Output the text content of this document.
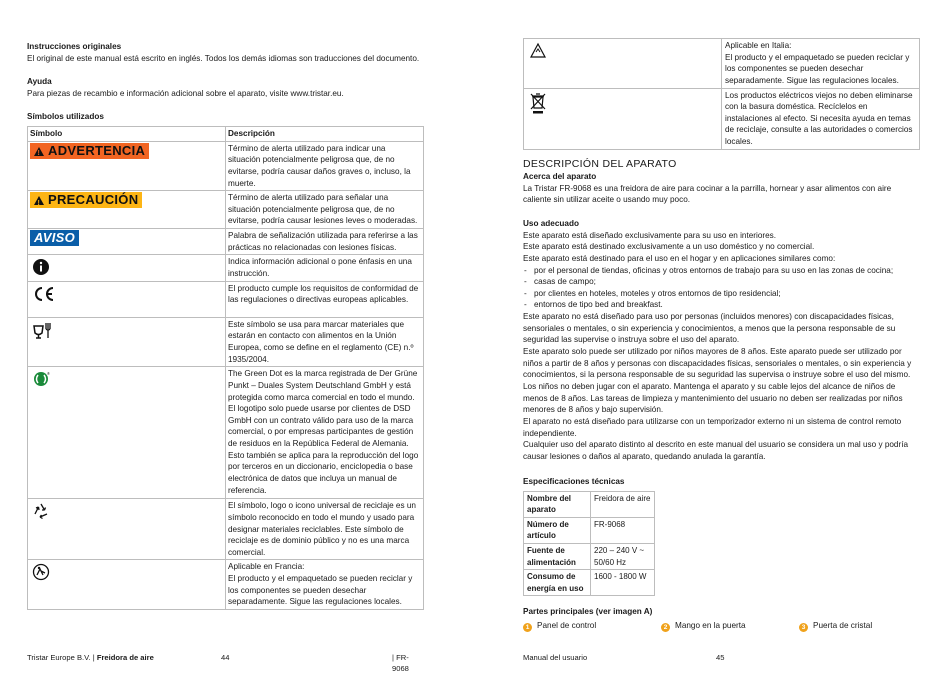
Instrucciones originales

El original de este manual está escrito en inglés. Todos los demás idiomas son traducciones del documento.

Ayuda

Para piezas de recambio e información adicional sobre el aparato, visite www.tristar.eu.

Símbolos utilizados

Símbolo	Descripción
!ADVERTENCIA	Término de alerta utilizado para indicar una situación potencialmente peligrosa que, de no evitarse, podría causar daños graves o, incluso, la muerte.
!PRECAUCIÓN	Término de alerta utilizado para señalar una situación potencialmente peligrosa que, de no evitarse, podría causar lesiones leves o moderadas.
AVISO	Palabra de señalización utilizada para referirse a las prácticas no relacionadas con lesiones físicas.

	Indica información adicional o pone énfasis en una instrucción.

	El producto cumple los requisitos de conformidad de las regulaciones o directivas europeas aplicables.

	Este símbolo se usa para marcar materiales que estarán en contacto con alimentos en la Unión Europea, como se define en el reglamento (CE) n.º 1935/2004.

®	The Green Dot es la marca registrada de Der Grüne Punkt – Duales System Deutschland GmbH y está protegida como marca comercial en todo el mundo. El logotipo solo puede usarse por clientes de DSD GmbH con un contrato válido para uso de la marca comercial, o por empresas participantes de gestión de residuos en la República Federal de Alemania. Esto también se aplica para la reproducción del logo por terceros en un diccionario, enciclopedia o base electrónica de datos que incluya un manual de referencia.

	El símbolo, logo o icono universal de reciclaje es un símbolo reconocido en todo el mundo y usado para designar materiales reciclables. Este símbolo de reciclaje es de dominio público y no es una marca comercial.

	Aplicable en Francia:
El producto y el empaquetado se pueden reciclar y los componentes se pueden desechar separadamente. Sigue las regulaciones locales.
Tristar Europe B.V. | Freidora de aire	44	| FR-9068
	Aplicable en Italia:
El producto y el empaquetado se pueden reciclar y los componentes se pueden desechar separadamente. Sigue las regulaciones locales.

	Los productos eléctricos viejos no deben eliminarse con la basura doméstica. Recíclelos en instalaciones al efecto. Si necesita ayuda en temas de reciclaje, consulte a las autoridades o comercios locales.

DESCRIPCIÓN DEL APARATO

Acerca del aparato

La Tristar FR-9068 es una freidora de aire para cocinar a la parrilla, hornear y asar alimentos con aire caliente sin utilizar aceite o usando muy poco.

Uso adecuado

Este aparato está diseñado exclusivamente para su uso en interiores.

Este aparato está destinado exclusivamente a un uso doméstico y no comercial.

Este aparato está destinado para el uso en el hogar y en aplicaciones similares como:

- por el personal de tiendas, oficinas y otros entornos de trabajo para su uso en las zonas de cocina;

- casas de campo;

- por clientes en hoteles, moteles y otros entornos de tipo residencial;

- entornos de tipo bed and breakfast.

Este aparato no está diseñado para uso por personas (incluidos menores) con discapacidades físicas, sensoriales o mentales, o sin experiencia y conocimientos, a menos que la persona responsable de su seguridad las supervise o instruya sobre el uso del aparato.
Este aparato solo puede ser utilizado por niños mayores de 8 años. Este aparato puede ser utilizado por niños a partir de 8 años y personas con discapacidades físicas, sensoriales o mentales, o sin experiencia y conocimientos, si la persona responsable de su seguridad las supervisa o instruye sobre el uso del mismo. Los niños no deben jugar con el aparato. Mantenga el aparato y su cable lejos del alcance de niños de menos de 8 años. Las tareas de limpieza y mantenimiento del usuario no deben ser realizadas por niños menores de 8 años y bajo supervisión.
El aparato no está diseñado para utilizarse con un temporizador externo ni un sistema de control remoto independiente.
Cualquier uso del aparato distinto al descrito en este manual del usuario se considera un mal uso y podría causar lesiones o daños al aparato, quedando anulada la garantía.

Especificaciones técnicas

Nombre del aparato	Freidora de aire
Número de artículo	FR-9068
Fuente de alimentación	220 – 240 V ~ 50/60 Hz
Consumo de energía en uso	1600 - 1800 W

Partes principales (ver imagen A)

1 Panel de control	2 Mango en la puerta	3 Puerta de cristal
Manual del usuario	45
